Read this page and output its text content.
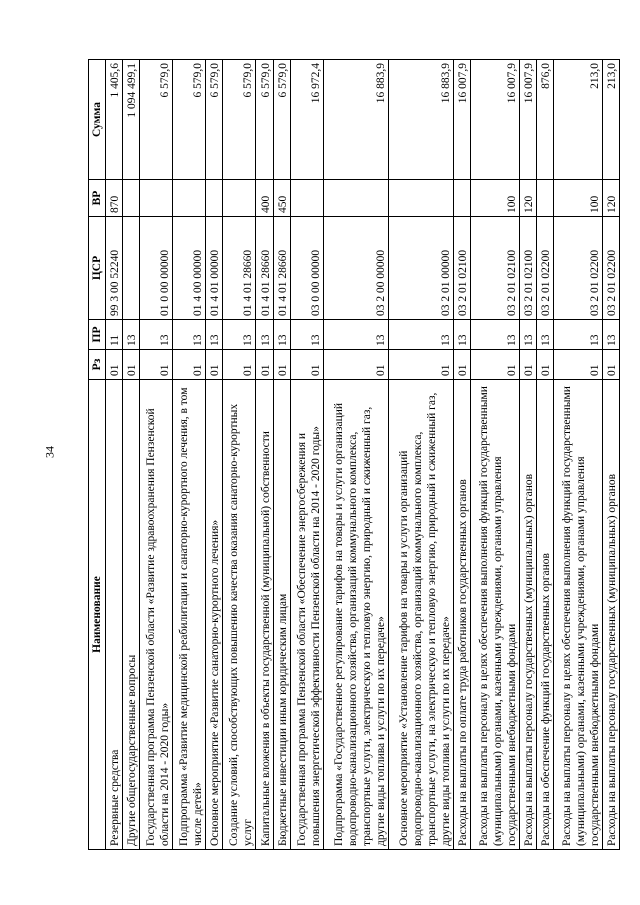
34
Наименование	Рз	ПР	ЦСР	ВР	Сумма
Резервные средства	01	11	99 3 00 52240	870	1 405,6
Другие общегосударственные вопросы	01	13			1 094 499,1
Государственная программа Пензенской области «Развитие здравоохранения Пензенской области на 2014 - 2020 годы»	01	13	01 0 00 00000		6 579,0
Подпрограмма «Развитие медицинской реабилитации и санаторно-курортного лечения, в том числе детей»	01	13	01 4 00 00000		6 579,0
Основное мероприятие «Развитие санаторно-курортного лечения»	01	13	01 4 01 00000		6 579,0
Создание условий, способствующих повышению качества оказания санаторно-курортных услуг	01	13	01 4 01 28660		6 579,0
Капитальные вложения в объекты государственной (муниципальной) собственности	01	13	01 4 01 28660	400	6 579,0
Бюджетные инвестиции иным юридическим лицам	01	13	01 4 01 28660	450	6 579,0
Государственная программа Пензенской области «Обеспечение энергосбережения и повышения энергетической эффективности Пензенской области на 2014 - 2020 годы»	01	13	03 0 00 00000		16 972,4
Подпрограмма «Государственное регулирование тарифов на товары и услуги организаций водопроводно-канализационного хозяйства, организаций коммунального комплекса, транспортные услуги, электрическую и тепловую энергию, природный и сжиженный газ, другие виды топлива и услуги по их передаче»	01	13	03 2 00 00000		16 883,9
Основное мероприятие «Установление тарифов на товары и услуги организаций водопроводно-канализационного хозяйства, организаций коммунального комплекса, транспортные услуги, на электрическую и тепловую энергию, природный и сжиженный газ, другие виды топлива и услуги по их передаче»	01	13	03 2 01 00000		16 883,9
Расходы на выплаты по оплате труда работников государственных органов	01	13	03 2 01 02100		16 007,9
Расходы на выплаты персоналу в целях обеспечения выполнения функций государственными (муниципальными) органами, казенными учреждениями, органами управления государственными внебюджетными фондами	01	13	03 2 01 02100	100	16 007,9
Расходы на выплаты персоналу государственных (муниципальных) органов	01	13	03 2 01 02100	120	16 007,9
Расходы на обеспечение функций государственных органов	01	13	03 2 01 02200		876,0
Расходы на выплаты персоналу в целях обеспечения выполнения функций государственными (муниципальными) органами, казенными учреждениями, органами управления государственными внебюджетными фондами	01	13	03 2 01 02200	100	213,0
Расходы на выплаты персоналу государственных (муниципальных) органов	01	13	03 2 01 02200	120	213,0
